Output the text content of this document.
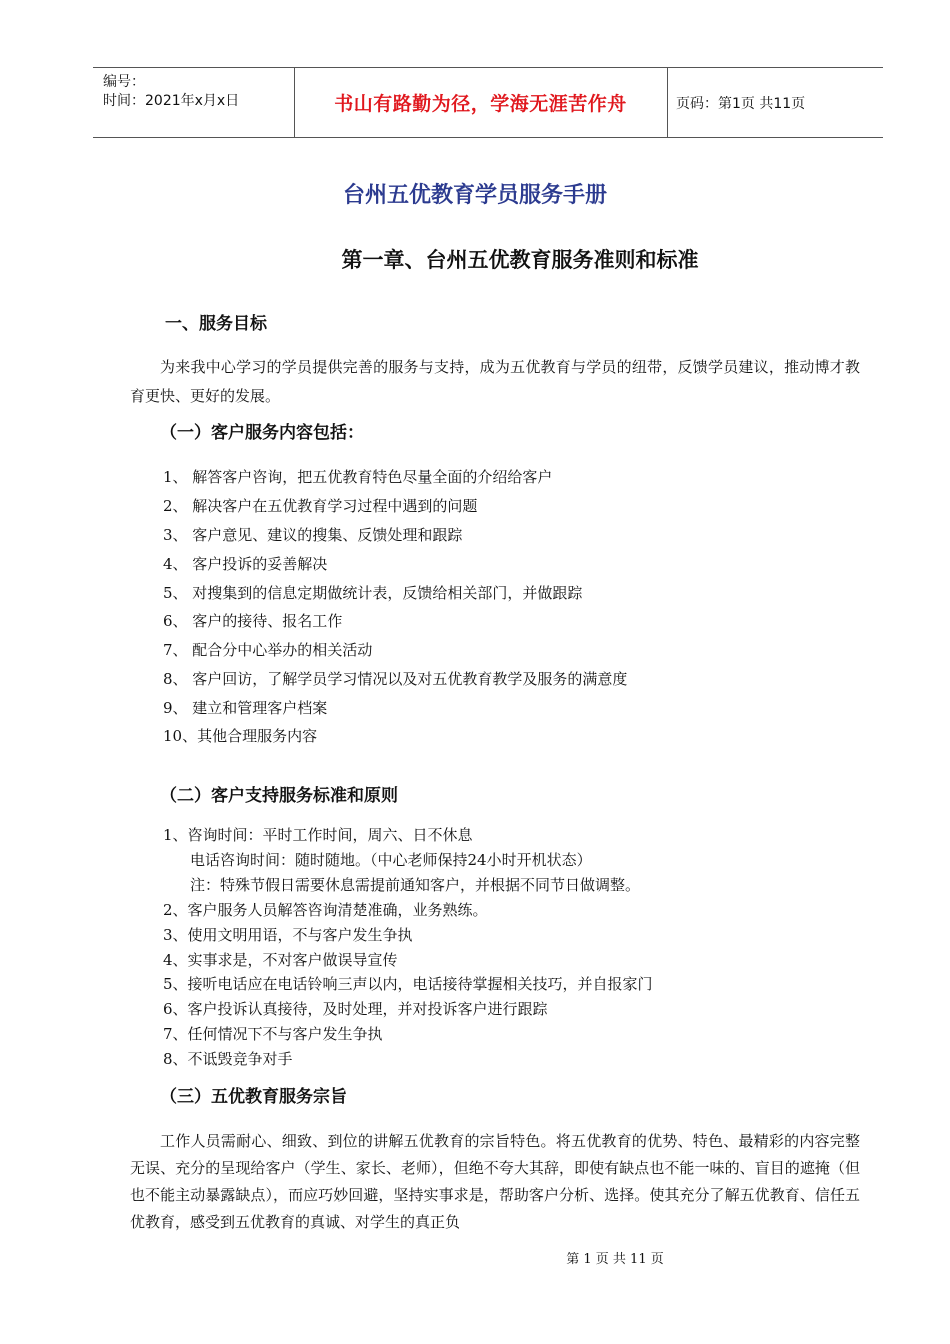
编号：
时间：2021年x月x日	书山有路勤为径，学海无涯苦作舟	页码：第1页 共11页
台州五优教育学员服务手册
第一章、台州五优教育服务准则和标准
一、服务目标
为来我中心学习的学员提供完善的服务与支持，成为五优教育与学员的纽带，反馈学员建议，推动博才教育更快、更好的发展。
（一）客户服务内容包括：
1、 解答客户咨询，把五优教育特色尽量全面的介绍给客户
2、 解决客户在五优教育学习过程中遇到的问题
3、 客户意见、建议的搜集、反馈处理和跟踪
4、 客户投诉的妥善解决
5、 对搜集到的信息定期做统计表，反馈给相关部门，并做跟踪
6、 客户的接待、报名工作
7、 配合分中心举办的相关活动
8、 客户回访，了解学员学习情况以及对五优教育教学及服务的满意度
9、 建立和管理客户档案
10、其他合理服务内容
（二）客户支持服务标准和原则
1、咨询时间：平时工作时间，周六、日不休息
电话咨询时间：随时随地。（中心老师保持24小时开机状态）
注：特殊节假日需要休息需提前通知客户，并根据不同节日做调整。
2、客户服务人员解答咨询清楚准确，业务熟练。
3、使用文明用语，不与客户发生争执
4、实事求是，不对客户做误导宣传
5、接听电话应在电话铃响三声以内，电话接待掌握相关技巧，并自报家门
6、客户投诉认真接待，及时处理，并对投诉客户进行跟踪
7、任何情况下不与客户发生争执
8、不诋毁竞争对手
（三）五优教育服务宗旨
工作人员需耐心、细致、到位的讲解五优教育的宗旨特色。将五优教育的优势、特色、最精彩的内容完整无误、充分的呈现给客户（学生、家长、老师），但绝不夸大其辞，即使有缺点也不能一味的、盲目的遮掩（但也不能主动暴露缺点），而应巧妙回避，坚持实事求是，帮助客户分析、选择。使其充分了解五优教育、信任五优教育，感受到五优教育的真诚、对学生的真正负
第 1 页 共 11 页
